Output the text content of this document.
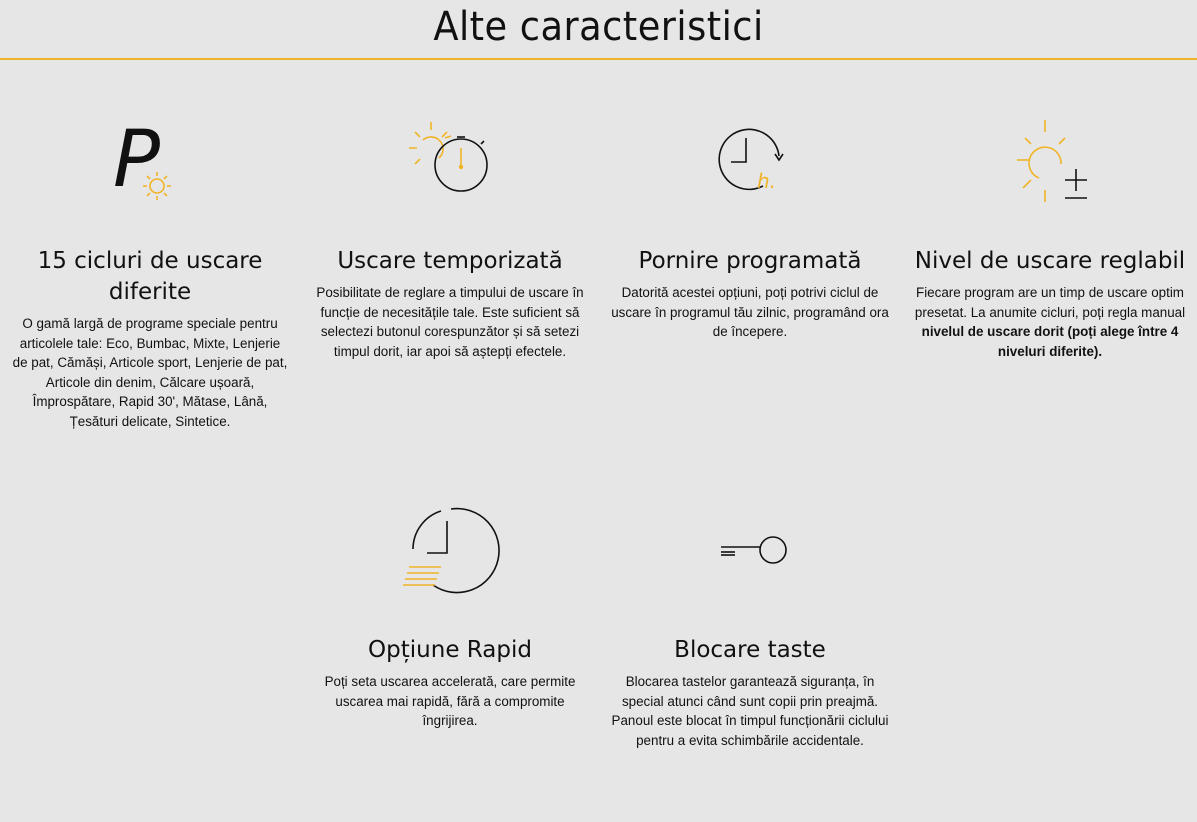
Alte caracteristici
P
15 cicluri de uscare diferite

O gamă largă de programe speciale pentru articolele tale: Eco, Bumbac, Mixte, Lenjerie de pat, Cămăși, Articole sport, Lenjerie de pat, Articole din denim, Călcare ușoară, Împrospătare, Rapid 30', Mătase, Lână, Țesături delicate, Sintetice.

Uscare temporizată

Posibilitate de reglare a timpului de uscare în funcție de necesitățile tale. Este suficient să selectezi butonul corespunzător și să setezi timpul dorit, iar apoi să aștepți efectele.

h.
Pornire programată

Datorită acestei opțiuni, poți potrivi ciclul de uscare în programul tău zilnic, programând ora de începere.

Nivel de uscare reglabil

Fiecare program are un timp de uscare optim presetat. La anumite cicluri, poți regla manual nivelul de uscare dorit (poți alege între 4 niveluri diferite).

Opțiune Rapid

Poți seta uscarea accelerată, care permite uscarea mai rapidă, fără a compromite îngrijirea.

Blocare taste

Blocarea tastelor garantează siguranța, în special atunci când sunt copii prin preajmă. Panoul este blocat în timpul funcționării ciclului pentru a evita schimbările accidentale.
